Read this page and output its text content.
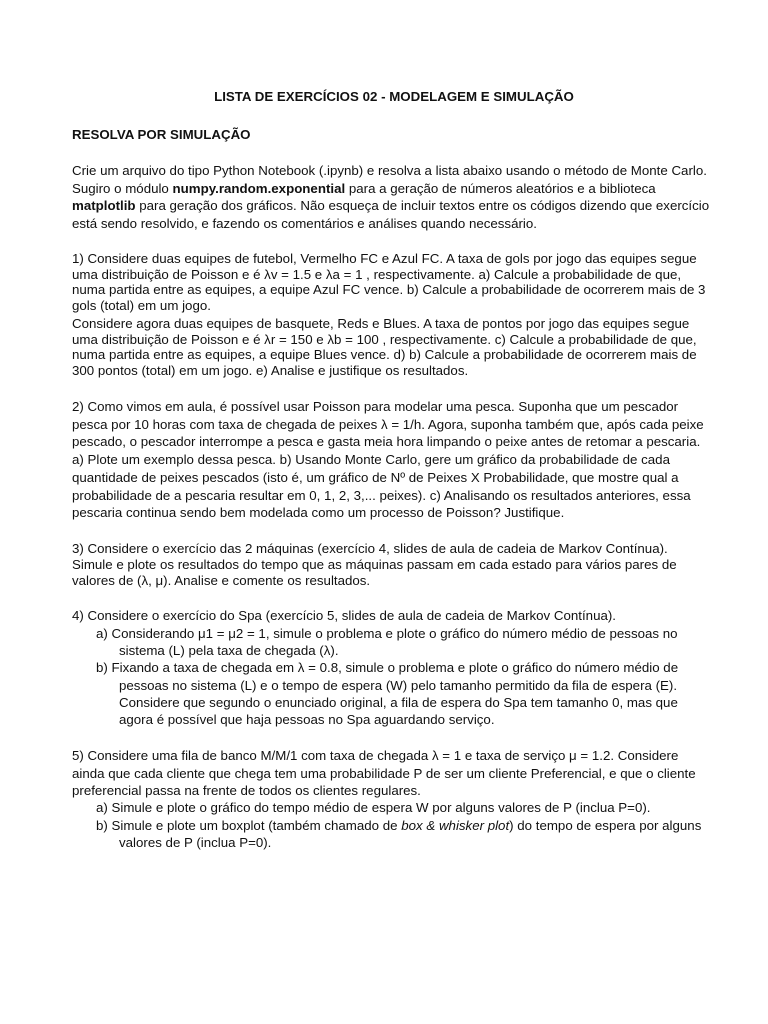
LISTA DE EXERCÍCIOS 02 - MODELAGEM E SIMULAÇÃO

RESOLVA POR SIMULAÇÃO

Crie um arquivo do tipo Python Notebook (.ipynb) e resolva a lista abaixo usando o método de Monte Carlo. Sugiro o módulo numpy.random.exponential para a geração de números aleatórios e a biblioteca matplotlib para geração dos gráficos. Não esqueça de incluir textos entre os códigos dizendo que exercício está sendo resolvido, e fazendo os comentários e análises quando necessário.

1) Considere duas equipes de futebol, Vermelho FC e Azul FC. A taxa de gols por jogo das equipes segue uma distribuição de Poisson e é λv = 1.5 e λa = 1 , respectivamente. a) Calcule a probabilidade de que, numa partida entre as equipes, a equipe Azul FC vence. b) Calcule a probabilidade de ocorrerem mais de 3 gols (total) em um jogo.

Considere agora duas equipes de basquete, Reds e Blues. A taxa de pontos por jogo das equipes segue uma distribuição de Poisson e é λr = 150 e λb = 100 , respectivamente. c) Calcule a probabilidade de que, numa partida entre as equipes, a equipe Blues vence. d) b) Calcule a probabilidade de ocorrerem mais de 300 pontos (total) em um jogo. e) Analise e justifique os resultados.

2) Como vimos em aula, é possível usar Poisson para modelar uma pesca. Suponha que um pescador pesca por 10 horas com taxa de chegada de peixes λ = 1/h. Agora, suponha também que, após cada peixe pescado, o pescador interrompe a pesca e gasta meia hora limpando o peixe antes de retomar a pescaria. a) Plote um exemplo dessa pesca. b) Usando Monte Carlo, gere um gráfico da probabilidade de cada quantidade de peixes pescados (isto é, um gráfico de Nº de Peixes X Probabilidade, que mostre qual a probabilidade de a pescaria resultar em 0, 1, 2, 3,... peixes). c) Analisando os resultados anteriores, essa pescaria continua sendo bem modelada como um processo de Poisson? Justifique.

3) Considere o exercício das 2 máquinas (exercício 4, slides de aula de cadeia de Markov Contínua). Simule e plote os resultados do tempo que as máquinas passam em cada estado para vários pares de valores de (λ, μ). Analise e comente os resultados.

4) Considere o exercício do Spa (exercício 5, slides de aula de cadeia de Markov Contínua).

a) Considerando μ1 = μ2 = 1, simule o problema e plote o gráfico do número médio de pessoas no sistema (L) pela taxa de chegada (λ).

b) Fixando a taxa de chegada em λ = 0.8, simule o problema e plote o gráfico do número médio de pessoas no sistema (L) e o tempo de espera (W) pelo tamanho permitido da fila de espera (E). Considere que segundo o enunciado original, a fila de espera do Spa tem tamanho 0, mas que agora é possível que haja pessoas no Spa aguardando serviço.

5) Considere uma fila de banco M/M/1 com taxa de chegada λ = 1 e taxa de serviço μ = 1.2. Considere ainda que cada cliente que chega tem uma probabilidade P de ser um cliente Preferencial, e que o cliente preferencial passa na frente de todos os clientes regulares.

a) Simule e plote o gráfico do tempo médio de espera W por alguns valores de P (inclua P=0).

b) Simule e plote um boxplot (também chamado de box & whisker plot) do tempo de espera por alguns valores de P (inclua P=0).
